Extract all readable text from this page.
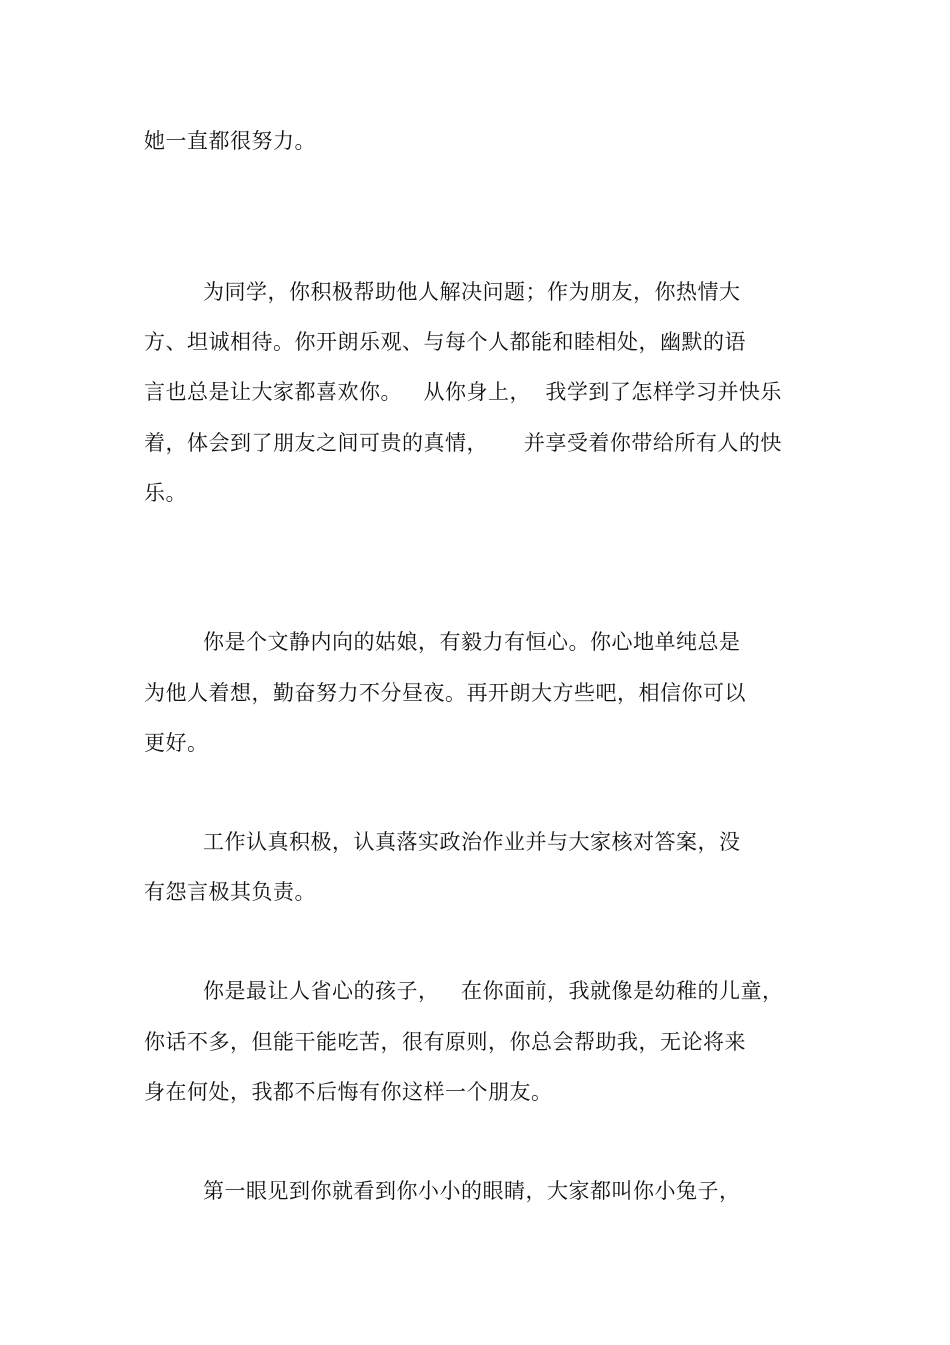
她一直都很努力。
为同学，你积极帮助他人解决问题；作为朋友，你热情大
方、坦诚相待。你开朗乐观、与每个人都能和睦相处，幽默的语
言也总是让大家都喜欢你。   从你身上，  我学到了怎样学习并快乐
着，体会到了朋友之间可贵的真情，     并享受着你带给所有人的快
乐。
你是个文静内向的姑娘，有毅力有恒心。你心地单纯总是
为他人着想，勤奋努力不分昼夜。再开朗大方些吧，相信你可以
更好。
工作认真积极，认真落实政治作业并与大家核对答案，没
有怨言极其负责。
你是最让人省心的孩子，   在你面前，我就像是幼稚的儿童，
你话不多，但能干能吃苦，很有原则，你总会帮助我，无论将来
身在何处，我都不后悔有你这样一个朋友。
第一眼见到你就看到你小小的眼睛，大家都叫你小兔子，
